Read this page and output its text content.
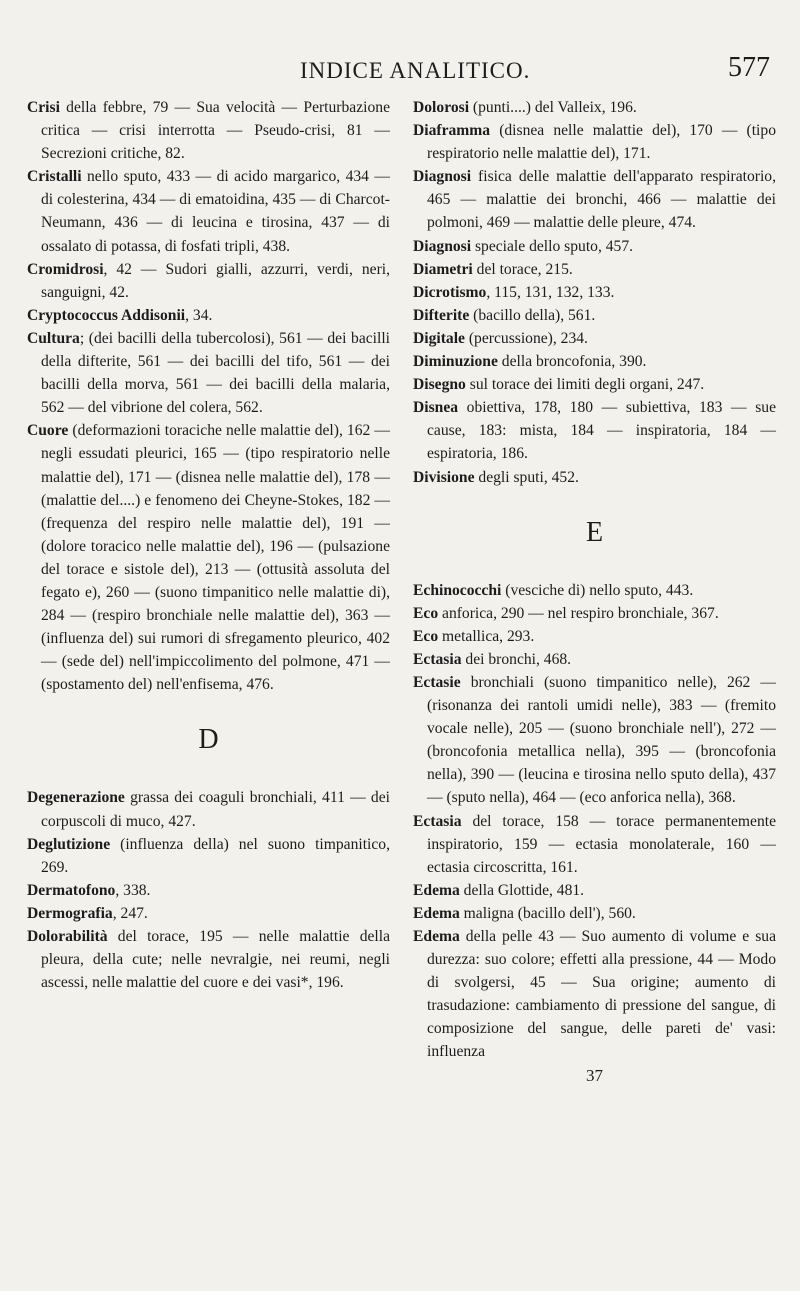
INDICE ANALITICO.	577
Crisi della febbre, 79 — Sua velocità — Perturbazione critica — crisi interrotta — Pseudo-crisi, 81 — Secrezioni critiche, 82.
Cristalli nello sputo, 433 — di acido margarico, 434 — di colesterina, 434 — di ematoidina, 435 — di Charcot-Neumann, 436 — di leucina e tirosina, 437 — di ossalato di potassa, di fosfati tripli, 438.
Cromidrosi, 42 — Sudori gialli, azzurri, verdi, neri, sanguigni, 42.
Cryptococcus Addisonii, 34.
Cultura; (dei bacilli della tubercolosi), 561 — dei bacilli della difterite, 561 — dei bacilli del tifo, 561 — dei bacilli della morva, 561 — dei bacilli della malaria, 562 — del vibrione del colera, 562.
Cuore (deformazioni toraciche nelle malattie del), 162 — negli essudati pleurici, 165 — (tipo respiratorio nelle malattie del), 171 — (disnea nelle malattie del), 178 — (malattie del....) e fenomeno dei Cheyne-Stokes, 182 — (frequenza del respiro nelle malattie del), 191 — (dolore toracico nelle malattie del), 196 — (pulsazione del torace e sistole del), 213 — (ottusità assoluta del fegato e), 260 — (suono timpanitico nelle malattie di), 284 — (respiro bronchiale nelle malattie del), 363 — (influenza del) sui rumori di sfregamento pleurico, 402 — (sede del) nell'impiccolimento del polmone, 471 — (spostamento del) nell'enfisema, 476.
D
Degenerazione grassa dei coaguli bronchiali, 411 — dei corpuscoli di muco, 427.
Deglutizione (influenza della) nel suono timpanitico, 269.
Dermatofono, 338.
Dermografia, 247.
Dolorabilità del torace, 195 — nelle malattie della pleura, della cute; nelle nevralgie, nei reumi, negli ascessi, nelle malattie del cuore e dei vasi*, 196.
Dolorosi (punti....) del Valleix, 196.
Diaframma (disnea nelle malattie del), 170 — (tipo respiratorio nelle malattie del), 171.
Diagnosi fisica delle malattie dell'apparato respiratorio, 465 — malattie dei bronchi, 466 — malattie dei polmoni, 469 — malattie delle pleure, 474.
Diagnosi speciale dello sputo, 457.
Diametri del torace, 215.
Dicrotismo, 115, 131, 132, 133.
Difterite (bacillo della), 561.
Digitale (percussione), 234.
Diminuzione della broncofonia, 390.
Disegno sul torace dei limiti degli organi, 247.
Disnea obiettiva, 178, 180 — subiettiva, 183 — sue cause, 183: mista, 184 — inspiratoria, 184 — espiratoria, 186.
Divisione degli sputi, 452.
E
Echinococchi (vesciche di) nello sputo, 443.
Eco anforica, 290 — nel respiro bronchiale, 367.
Eco metallica, 293.
Ectasia dei bronchi, 468.
Ectasie bronchiali (suono timpanitico nelle), 262 — (risonanza dei rantoli umidi nelle), 383 — (fremito vocale nelle), 205 — (suono bronchiale nell'), 272 — (broncofonia metallica nella), 395 — (broncofonia nella), 390 — (leucina e tirosina nello sputo della), 437 — (sputo nella), 464 — (eco anforica nella), 368.
Ectasia del torace, 158 — torace permanentemente inspiratorio, 159 — ectasia monolaterale, 160 — ectasia circoscritta, 161.
Edema della Glottide, 481.
Edema maligna (bacillo dell'), 560.
Edema della pelle 43 — Suo aumento di volume e sua durezza: suo colore; effetti alla pressione, 44 — Modo di svolgersi, 45 — Sua origine; aumento di trasudazione: cambiamento di pressione del sangue, di composizione del sangue, delle pareti de' vasi: influenza
37
